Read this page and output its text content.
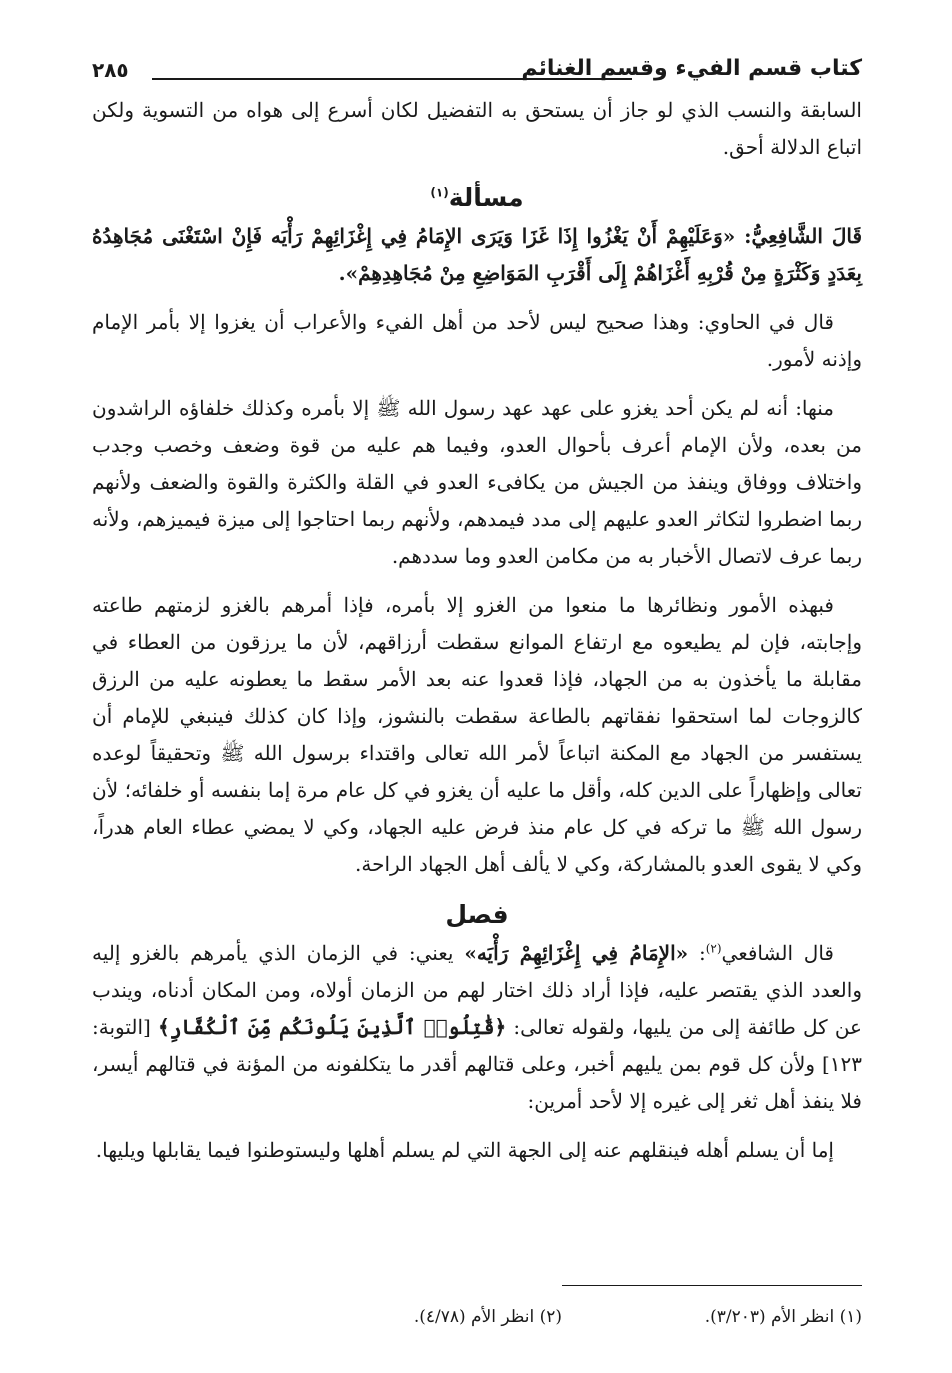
كتاب قسم الفيء وقسم الغنائم
٢٨٥

السابقة والنسب الذي لو جاز أن يستحق به التفضيل لكان أسرع إلى هواه من التسوية ولكن اتباع الدلالة أحق.

مسألة$^{(١)}$

قَالَ الشَّافِعِيُّ: «وَعَلَيْهِمْ أَنْ يَغْزُوا إِذَا غَزَا وَيَرَى الإِمَامُ فِي إِغْزَائِهِمْ رَأْيَه فَإِنْ اسْتَغْنَى مُجَاهِدُهُ بِعَدَدٍ وَكَثْرَةٍ مِنْ قُرْبِهِ أَغْزَاهُمْ إِلَى أَقْرَبِ المَوَاضِعِ مِنْ مُجَاهِدِهِمْ».

قال في الحاوي: وهذا صحيح ليس لأحد من أهل الفيء والأعراب أن يغزوا إلا بأمر الإمام وإذنه لأمور.

منها: أنه لم يكن أحد يغزو على عهد عهد رسول الله ﷺ إلا بأمره وكذلك خلفاؤه الراشدون من بعده، ولأن الإمام أعرف بأحوال العدو، وفيما هم عليه من قوة وضعف وخصب وجدب واختلاف ووفاق وينفذ من الجيش من يكافىء العدو في القلة والكثرة والقوة والضعف ولأنهم ربما اضطروا لتكاثر العدو عليهم إلى مدد فيمدهم، ولأنهم ربما احتاجوا إلى ميزة فيميزهم، ولأنه ربما عرف لاتصال الأخبار به من مكامن العدو وما سددهم.

فبهذه الأمور ونظائرها ما منعوا من الغزو إلا بأمره، فإذا أمرهم بالغزو لزمتهم طاعته وإجابته، فإن لم يطيعوه مع ارتفاع الموانع سقطت أرزاقهم، لأن ما يرزقون من العطاء في مقابلة ما يأخذون به من الجهاد، فإذا قعدوا عنه بعد الأمر سقط ما يعطونه عليه من الرزق كالزوجات لما استحقوا نفقاتهم بالطاعة سقطت بالنشوز، وإذا كان كذلك فينبغي للإمام أن يستفسر من الجهاد مع المكنة اتباعاً لأمر الله تعالى واقتداء برسول الله ﷺ وتحقيقاً لوعده تعالى وإظهاراً على الدين كله، وأقل ما عليه أن يغزو في كل عام مرة إما بنفسه أو خلفائه؛ لأن رسول الله ﷺ ما تركه في كل عام منذ فرض عليه الجهاد، وكي لا يمضي عطاء العام هدراً، وكي لا يقوى العدو بالمشاركة، وكي لا يألف أهل الجهاد الراحة.

فصل

قال الشافعي$^{(٢)}$: «الإِمَامُ فِي إِغْزَائِهِمْ رَأْيَه» يعني: في الزمان الذي يأمرهم بالغزو إليه والعدد الذي يقتصر عليه، فإذا أراد ذلك اختار لهم من الزمان أولاه، ومن المكان أدناه، ويندب عن كل طائفة إلى من يليها، ولقوله تعالى: ﴿قَٰتِلُوا۟ ٱلَّذِينَ يَلُونَكُم مِّنَ ٱلْكُفَّارِ﴾ [التوبة: ١٢٣] ولأن كل قوم بمن يليهم أخبر، وعلى قتالهم أقدر ما يتكلفونه من المؤنة في قتالهم أيسر، فلا ينفذ أهل ثغر إلى غيره إلا لأحد أمرين:

إما أن يسلم أهله فينقلهم عنه إلى الجهة التي لم يسلم أهلها وليستوطنوا فيما يقابلها ويليها.

(١) انظر الأم (٣/٢٠٣).
(٢) انظر الأم (٤/٧٨).
